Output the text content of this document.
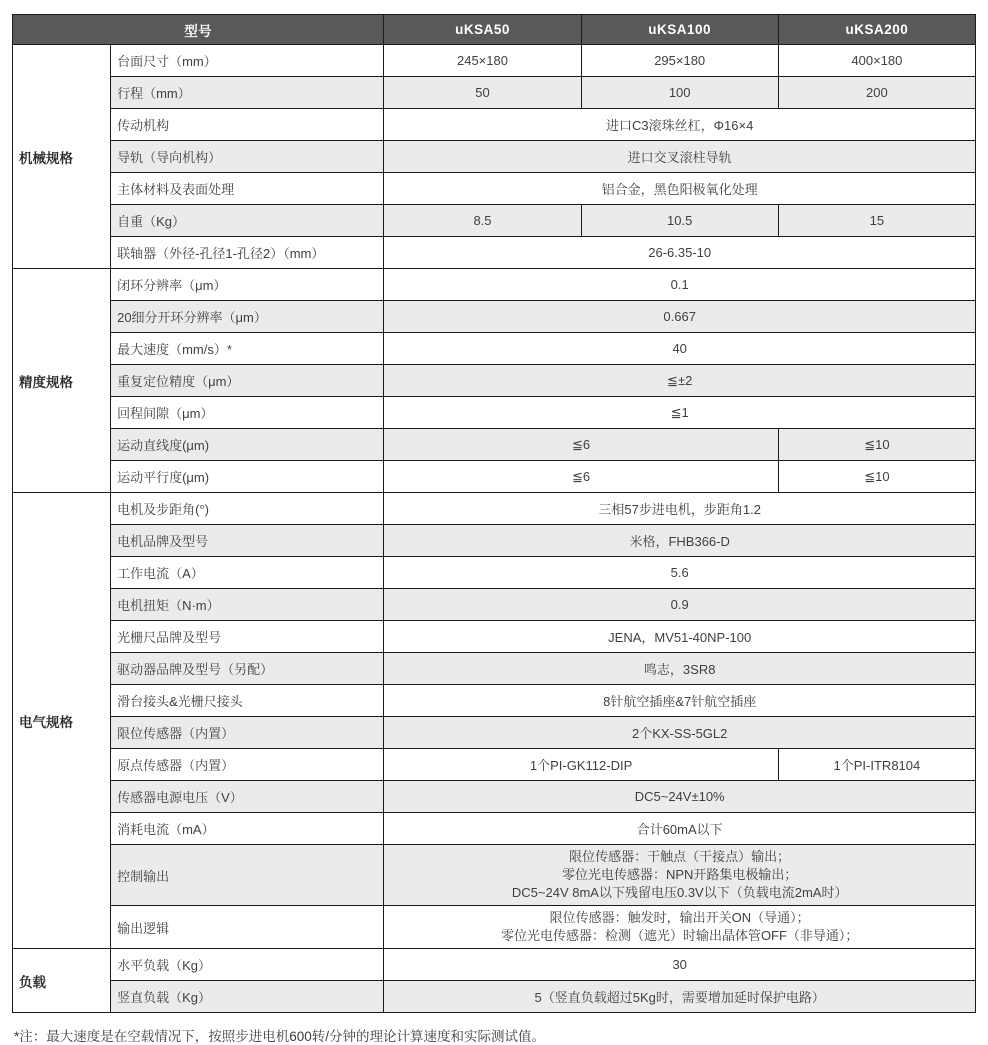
型号		uKSA50	uKSA100	uKSA200
机械规格	台面尺寸（mm）	245×180	295×180	400×180
	行程（mm）	50	100	200
	传动机构	进口C3滚珠丝杠，Φ16×4		
	导轨（导向机构）	进口交叉滚柱导轨		
	主体材料及表面处理	铝合金，黑色阳极氧化处理		
	自重（Kg）	8.5	10.5	15
	联轴器（外径-孔径1-孔径2）（mm）	26-6.35-10		
精度规格	闭环分辨率（μm）	0.1		
	20细分开环分辨率（μm）	0.667		
	最大速度（mm/s）*	40		
	重复定位精度（μm）	≦±2		
	回程间隙（μm）	≦1		
	运动直线度(μm)	≦6		≦10
	运动平行度(μm)	≦6		≦10
电气规格	电机及步距角(°)	三相57步进电机，步距角1.2		
	电机品牌及型号	米格，FHB366-D		
	工作电流（A）	5.6		
	电机扭矩（N·m）	0.9		
	光栅尺品牌及型号	JENA，MV51-40NP-100		
	驱动器品牌及型号（另配）	鸣志，3SR8		
	滑台接头&光栅尺接头	8针航空插座&7针航空插座		
	限位传感器（内置）	2个KX-SS-5GL2		
	原点传感器（内置）	1个PI-GK112-DIP		1个PI-ITR8104
	传感器电源电压（V）	DC5~24V±10%		
	消耗电流（mA）	合计60mA以下		
	控制输出	限位传感器：干触点（干接点）输出；
零位光电传感器：NPN开路集电极输出；
DC5~24V 8mA以下残留电压0.3V以下（负载电流2mA时）		

	输出逻辑	限位传感器：触发时，输出开关ON（导通）；
零位光电传感器：检测（遮光）时输出晶体管OFF（非导通）；		

负载	水平负载（Kg）	30		
	竖直负载（Kg）	5（竖直负载超过5Kg时，需要增加延时保护电路）		
*注：最大速度是在空载情况下，按照步进电机600转/分钟的理论计算速度和实际测试值。
